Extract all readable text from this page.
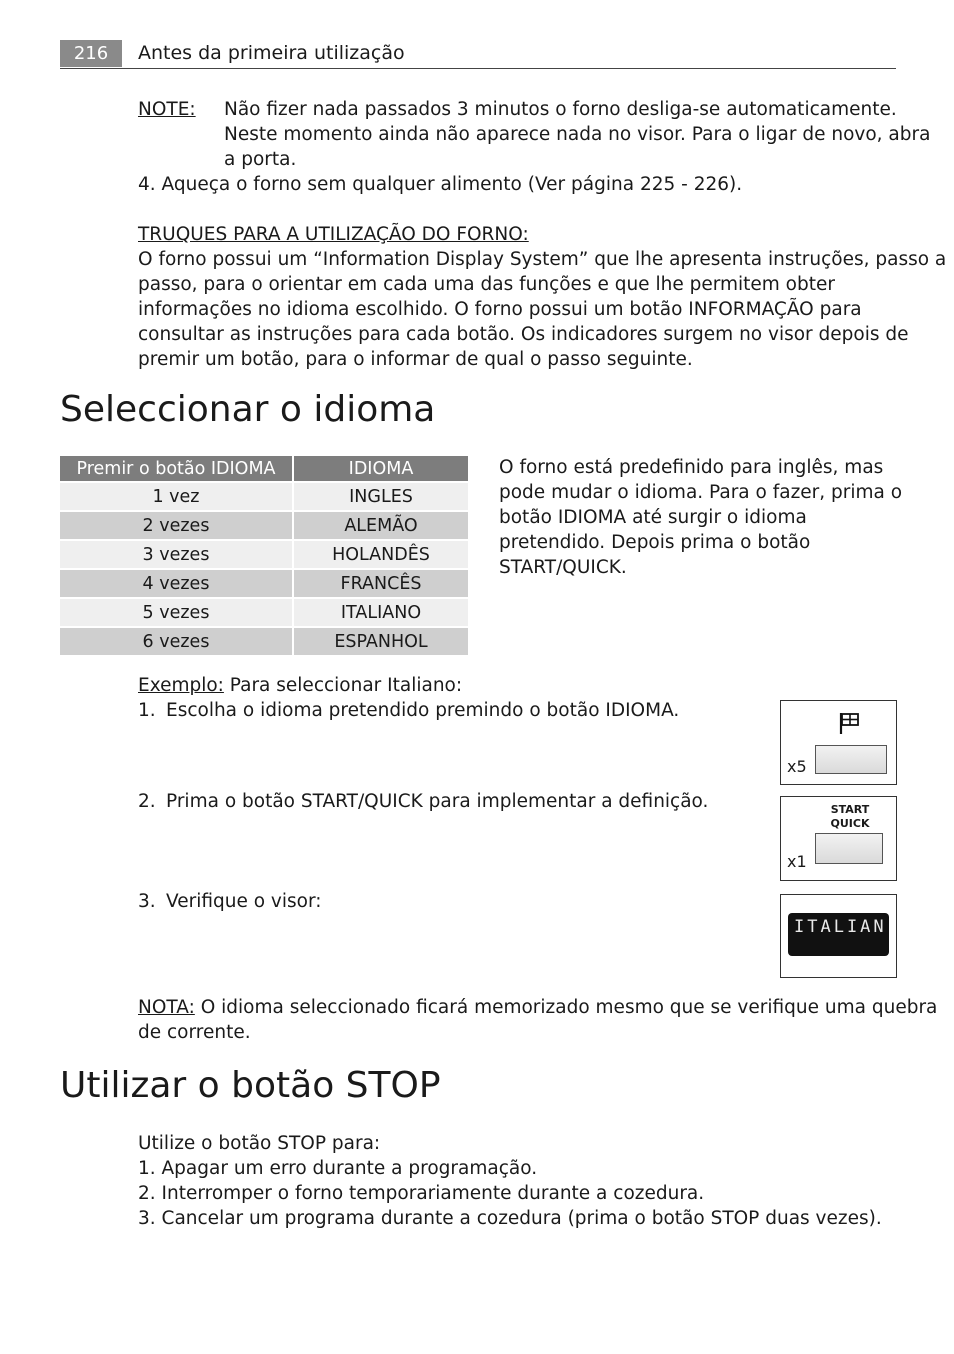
216	Antes da primeira utilização
NOTE: Não fizer nada passados 3 minutos o forno desliga-se automaticamente.
Neste momento ainda não aparece nada no visor. Para o ligar de novo, abra
a porta.
4. Aqueça o forno sem qualquer alimento (Ver página 225 - 226).
TRUQUES PARA A UTILIZAÇÃO DO FORNO:
O forno possui um “Information Display System” que lhe apresenta instruções, passo a
passo, para o orientar em cada uma das funções e que lhe permitem obter
informações no idioma escolhido. O forno possui um botão INFORMAÇÃO para
consultar as instruções para cada botão. Os indicadores surgem no visor depois de
premir um botão, para o informar de qual o passo seguinte.
Seleccionar o idioma
Premir o botão IDIOMA	IDIOMA
1 vez	INGLES
2 vezes	ALEMÃO
3 vezes	HOLANDÊS
4 vezes	FRANCÊS
5 vezes	ITALIANO
6 vezes	ESPANHOL
O forno está predefinido para inglês, mas
pode mudar o idioma. Para o fazer, prima o
botão IDIOMA até surgir o idioma
pretendido. Depois prima o botão
START/QUICK.
Exemplo: Para seleccionar Italiano:
1. Escolha o idioma pretendido premindo o botão IDIOMA.
2. Prima o botão START/QUICK para implementar a definição.
3. Verifique o visor:
x5
START
QUICK
x1
ITALIAN
NOTA: O idioma seleccionado ficará memorizado mesmo que se verifique uma quebra
de corrente.
Utilizar o botão STOP
Utilize o botão STOP para:
1. Apagar um erro durante a programação.
2. Interromper o forno temporariamente durante a cozedura.
3. Cancelar um programa durante a cozedura (prima o botão STOP duas vezes).
